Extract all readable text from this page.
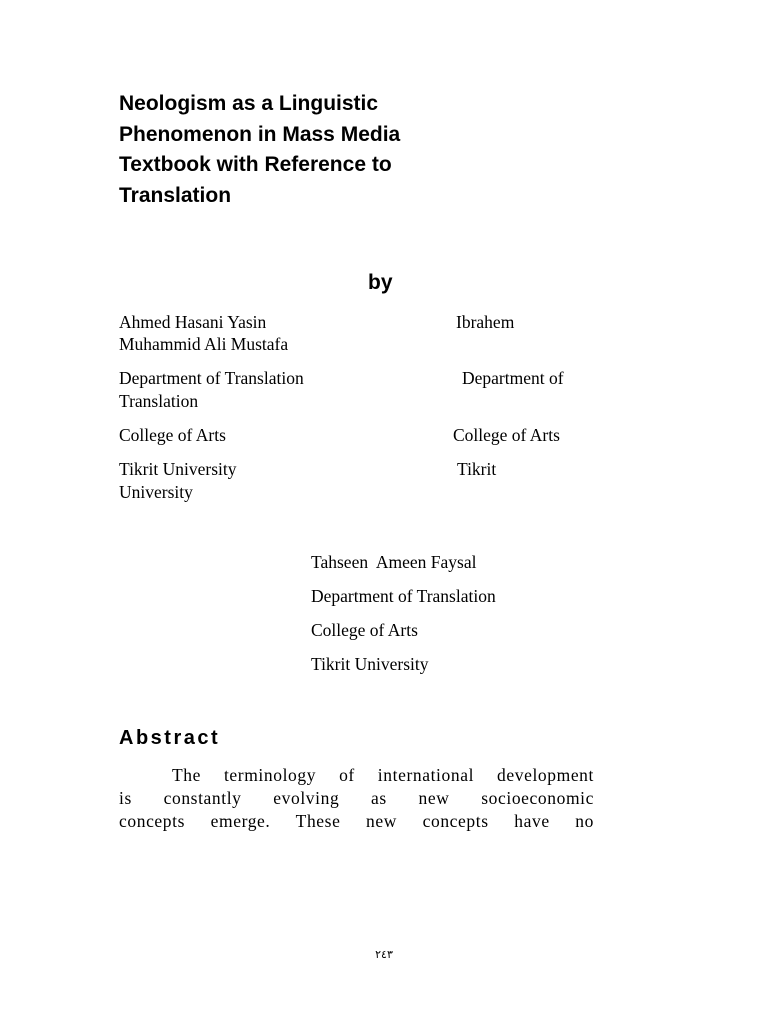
Neologism as a Linguistic
Phenomenon in Mass Media
Textbook with Reference to
Translation
by
Ahmed Hasani Yasin	Ibrahem
Muhammid Ali Mustafa
Department of Translation	Department of
Translation
College of Arts	College of Arts
Tikrit University	Tikrit
University
Tahseen  Ameen Faysal
Department of Translation
College of Arts
Tikrit University
Abstract
The terminology of international development
is constantly evolving as new socioeconomic
concepts emerge. These new concepts have no
٢٤٣
